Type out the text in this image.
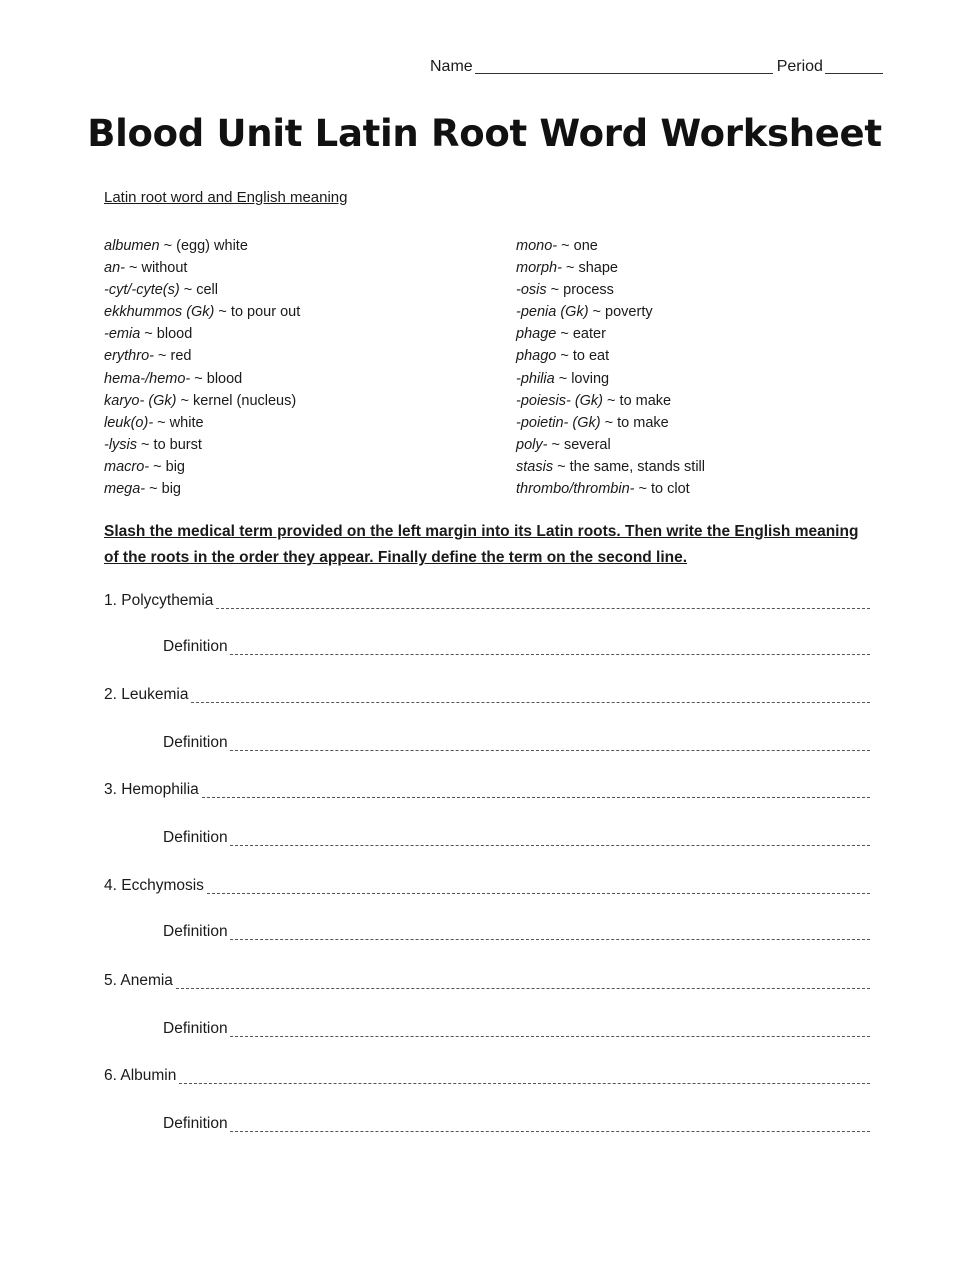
Name	Period
Blood Unit Latin Root Word Worksheet
Latin root word and English meaning
albumen ~ (egg) white
an- ~ without
-cyt/-cyte(s) ~ cell
ekkhummos (Gk) ~ to pour out
-emia ~ blood
erythro- ~ red
hema-/hemo- ~ blood
karyo- (Gk) ~ kernel (nucleus)
leuk(o)- ~ white
-lysis ~ to burst
macro- ~ big
mega- ~ big
mono- ~ one
morph- ~ shape
-osis ~ process
-penia (Gk) ~ poverty
phage ~ eater
phago ~ to eat
-philia ~ loving
-poiesis- (Gk) ~ to make
-poietin- (Gk) ~ to make
poly- ~ several
stasis ~ the same, stands still
thrombo/thrombin- ~ to clot
Slash the medical term provided on the left margin into its Latin roots. Then write the English meaning of the roots in the order they appear. Finally define the term on the second line.
1. Polycythemia
Definition
2. Leukemia
Definition
3. Hemophilia
Definition
4. Ecchymosis
Definition
5. Anemia
Definition
6. Albumin
Definition
